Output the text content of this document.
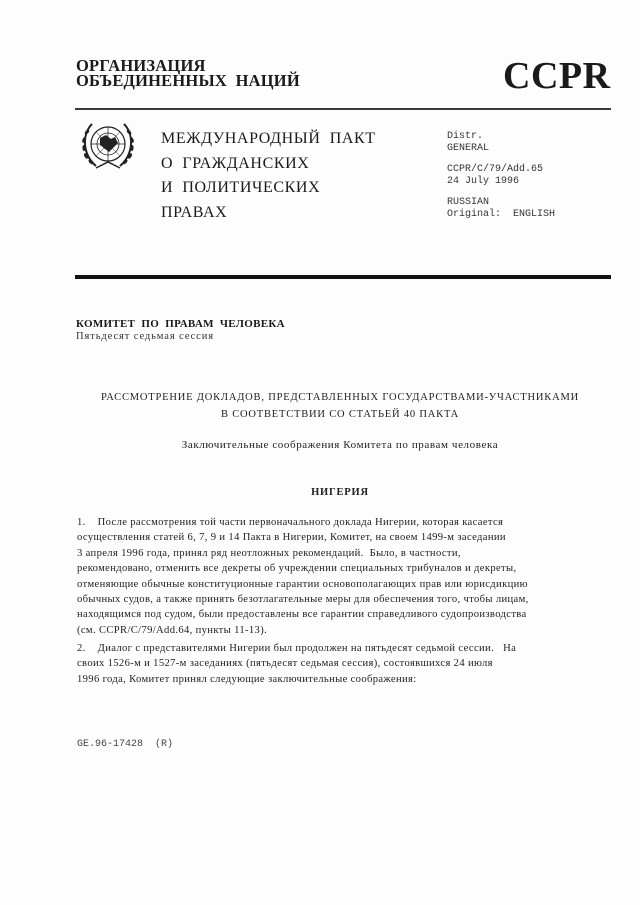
ОРГАНИЗАЦИЯ
ОБЪЕДИНЕННЫХ  НАЦИЙ	CCPR
МЕЖДУНАРОДНЫЙ  ПАКТ
О  ГРАЖДАНСКИХ
И  ПОЛИТИЧЕСКИХ
ПРАВАХ
Distr.
GENERAL
CCPR/C/79/Add.65
24 July 1996
RUSSIAN
Original:  ENGLISH
КОМИТЕТ  ПО  ПРАВАМ  ЧЕЛОВЕКА
Пятьдесят седьмая сессия
РАССМОТРЕНИЕ ДОКЛАДОВ, ПРЕДСТАВЛЕННЫХ ГОСУДАРСТВАМИ-УЧАСТНИКАМИ
В СООТВЕТСТВИИ СО СТАТЬЕЙ 40 ПАКТА
Заключительные соображения Комитета по правам человека
НИГЕРИЯ
1.    После рассмотрения той части первоначального доклада Нигерии, которая касается
осуществления статей 6, 7, 9 и 14 Пакта в Нигерии, Комитет, на своем 1499-м заседании
3 апреля 1996 года, принял ряд неотложных рекомендаций.  Было, в частности,
рекомендовано, отменить все декреты об учреждении специальных трибуналов и декреты,
отменяющие обычные конституционные гарантии основополагающих прав или юрисдикцию
обычных судов, а также принять безотлагательные меры для обеспечения того, чтобы лицам,
находящимся под судом, были предоставлены все гарантии справедливого судопроизводства
(см. CCPR/C/79/Add.64, пункты 11-13).
2.    Диалог с представителями Нигерии был продолжен на пятьдесят седьмой сессии.   На
своих 1526-м и 1527-м заседаниях (пятьдесят седьмая сессия), состоявшихся 24 июля
1996 года, Комитет принял следующие заключительные соображения:
GE.96-17428  (R)
